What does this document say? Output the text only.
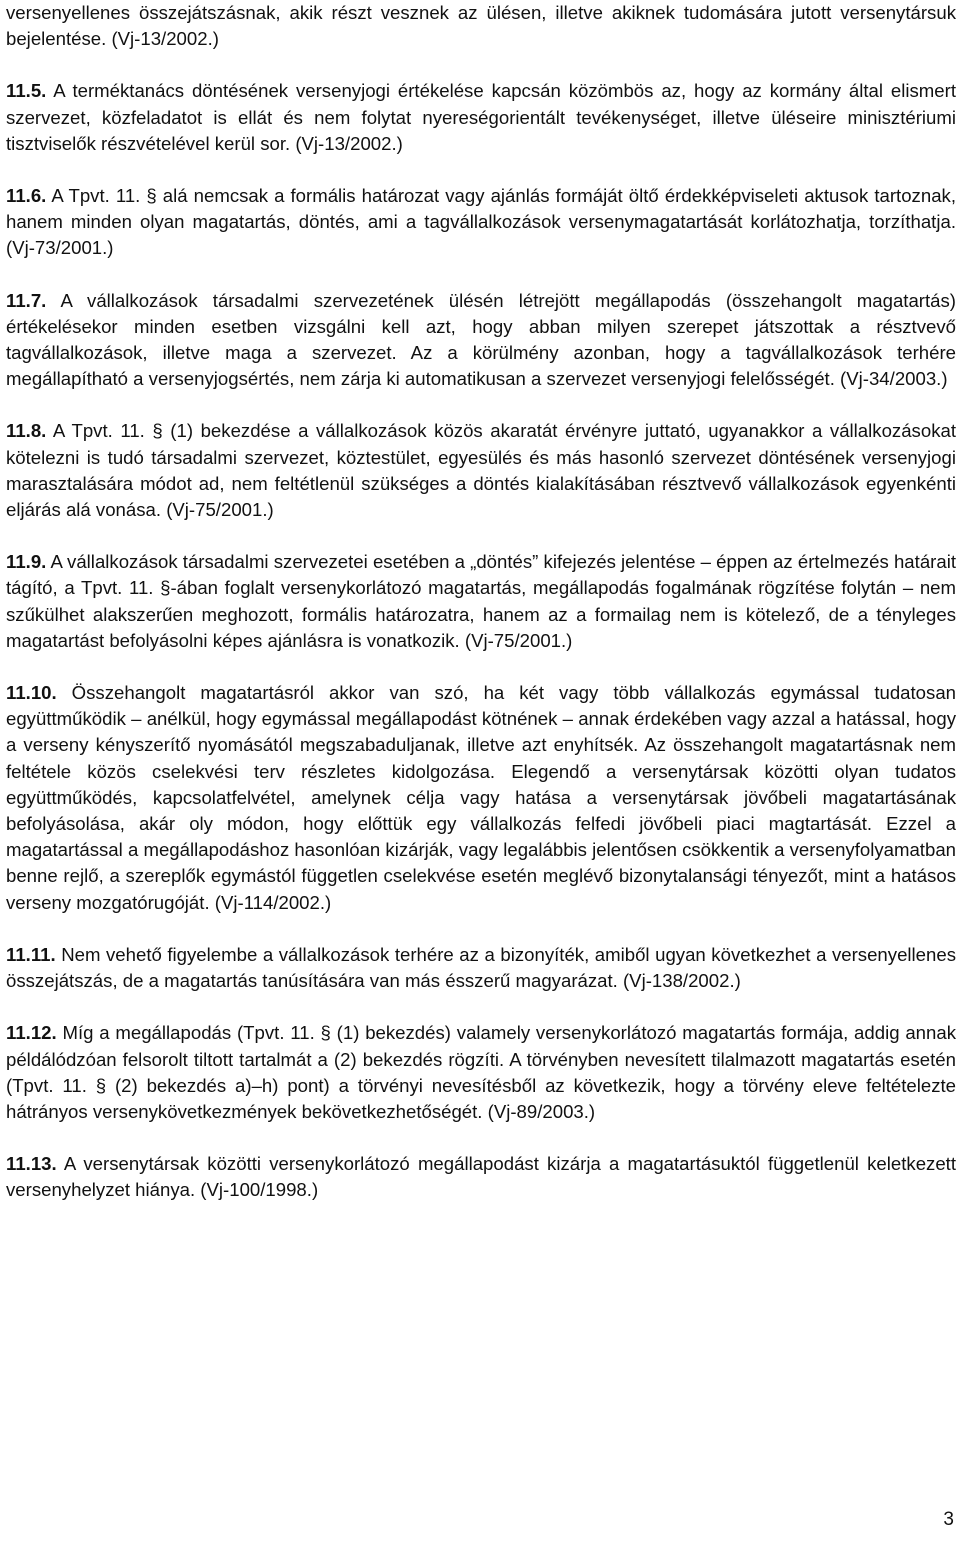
versenyellenes összejátszásnak, akik részt vesznek az ülésen, illetve akiknek tudomására jutott versenytársuk bejelentése. (Vj-13/2002.)

11.5. A terméktanács döntésének versenyjogi értékelése kapcsán közömbös az, hogy az kormány által elismert szervezet, közfeladatot is ellát és nem folytat nyereségorientált tevékenységet, illetve üléseire minisztériumi tisztviselők részvételével kerül sor. (Vj-13/2002.)

11.6. A Tpvt. 11. § alá nemcsak a formális határozat vagy ajánlás formáját öltő érdekképviseleti aktusok tartoznak, hanem minden olyan magatartás, döntés, ami a tagvállalkozások versenymagatartását korlátozhatja, torzíthatja. (Vj-73/2001.)

11.7. A vállalkozások társadalmi szervezetének ülésén létrejött megállapodás (összehangolt magatartás) értékelésekor minden esetben vizsgálni kell azt, hogy abban milyen szerepet játszottak a résztvevő tagvállalkozások, illetve maga a szervezet. Az a körülmény azonban, hogy a tagvállalkozások terhére megállapítható a versenyjogsértés, nem zárja ki automatikusan a szervezet versenyjogi felelősségét. (Vj-34/2003.)

11.8. A Tpvt. 11. § (1) bekezdése a vállalkozások közös akaratát érvényre juttató, ugyanakkor a vállalkozásokat kötelezni is tudó társadalmi szervezet, köztestület, egyesülés és más hasonló szervezet döntésének versenyjogi marasztalására módot ad, nem feltétlenül szükséges a döntés kialakításában résztvevő vállalkozások egyenkénti eljárás alá vonása. (Vj-75/2001.)

11.9. A vállalkozások társadalmi szervezetei esetében a „döntés” kifejezés jelentése – éppen az értelmezés határait tágító, a Tpvt. 11. §-ában foglalt versenykorlátozó magatartás, megállapodás fogalmának rögzítése folytán – nem szűkülhet alakszerűen meghozott, formális határozatra, hanem az a formailag nem is kötelező, de a tényleges magatartást befolyásolni képes ajánlásra is vonatkozik. (Vj-75/2001.)

11.10. Összehangolt magatartásról akkor van szó, ha két vagy több vállalkozás egymással tudatosan együttműködik – anélkül, hogy egymással megállapodást kötnének – annak érdekében vagy azzal a hatással, hogy a verseny kényszerítő nyomásától megszabaduljanak, illetve azt enyhítsék. Az összehangolt magatartásnak nem feltétele közös cselekvési terv részletes kidolgozása. Elegendő a versenytársak közötti olyan tudatos együttműködés, kapcsolatfelvétel, amelynek célja vagy hatása a versenytársak jövőbeli magatartásának befolyásolása, akár oly módon, hogy előttük egy vállalkozás felfedi jövőbeli piaci magtartását. Ezzel a magatartással a megállapodáshoz hasonlóan kizárják, vagy legalábbis jelentősen csökkentik a versenyfolyamatban benne rejlő, a szereplők egymástól független cselekvése esetén meglévő bizonytalansági tényezőt, mint a hatásos verseny mozgatórugóját. (Vj-114/2002.)

11.11. Nem vehető figyelembe a vállalkozások terhére az a bizonyíték, amiből ugyan következhet a versenyellenes összejátszás, de a magatartás tanúsítására van más ésszerű magyarázat. (Vj-138/2002.)

11.12. Míg a megállapodás (Tpvt. 11. § (1) bekezdés) valamely versenykorlátozó magatartás formája, addig annak példálódzóan felsorolt tiltott tartalmát a (2) bekezdés rögzíti. A törvényben nevesített tilalmazott magatartás esetén (Tpvt. 11. § (2) bekezdés a)–h) pont) a törvényi nevesítésből az következik, hogy a törvény eleve feltételezte hátrányos versenykövetkezmények bekövetkezhetőségét. (Vj-89/2003.)

11.13. A versenytársak közötti versenykorlátozó megállapodást kizárja a magatartásuktól függetlenül keletkezett versenyhelyzet hiánya. (Vj-100/1998.)

3
